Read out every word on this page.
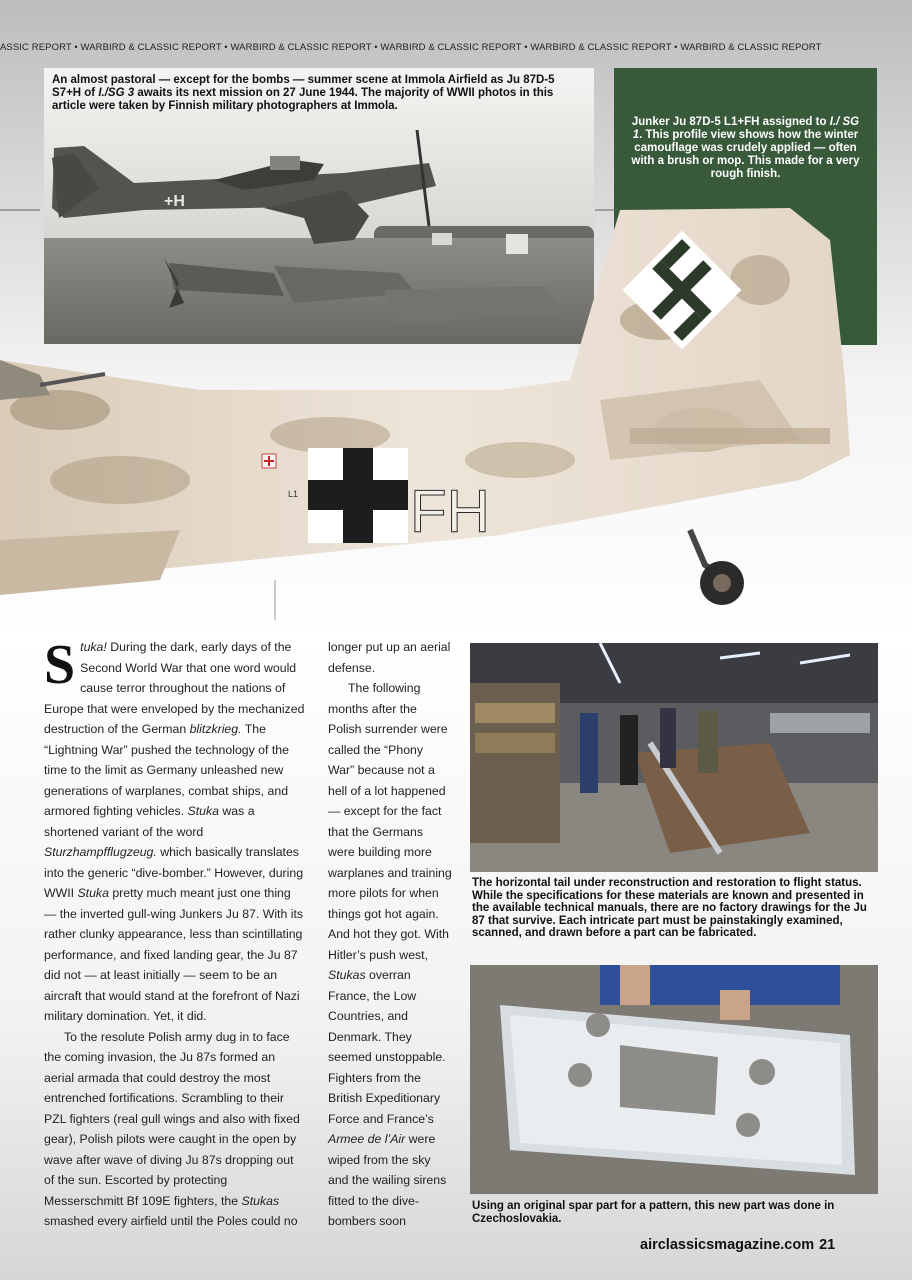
ASSIC REPORT • WARBIRD & CLASSIC REPORT • WARBIRD & CLASSIC REPORT • WARBIRD & CLASSIC REPORT • WARBIRD & CLASSIC REPORT • WARBIRD & CLASSIC REPORT
+H
An almost pastoral — except for the bombs — summer scene at Immola Airfield as Ju 87D-5 S7+H of I./SG 3 awaits its next mission on 27 June 1944. The majority of WWII photos in this article were taken by Finnish military photographers at Immola.
Junker Ju 87D-5 L1+FH assigned to I./ SG 1. This profile view shows how the winter camouflage was crudely applied — often with a brush or mop. This made for a very rough finish.
FH
L1

Stuka! During the dark, early days of the Second World War that one word would cause terror throughout the nations of Europe that were enveloped by the mechanized destruction of the German blitzkrieg. The “Lightning War” pushed the technology of the time to the limit as Germany unleashed new generations of warplanes, combat ships, and armored fighting vehicles. Stuka was a shortened variant of the word Sturzhampfflugzeug. which basically translates into the generic “dive-bomber.” However, during WWII Stuka pretty much meant just one thing — the inverted gull-wing Junkers Ju 87. With its rather clunky appearance, less than scintillating performance, and fixed landing gear, the Ju 87 did not — at least initially — seem to be an aircraft that would stand at the forefront of Nazi military domination. Yet, it did.

To the resolute Polish army dug in to face the coming invasion, the Ju 87s formed an aerial armada that could destroy the most entrenched fortifications. Scrambling to their PZL fighters (real gull wings and also with fixed gear), Polish pilots were caught in the open by wave after wave of diving Ju 87s dropping out of the sun. Escorted by protecting Messerschmitt Bf 109E fighters, the Stukas smashed every airfield until the Poles could no

longer put up an aerial defense.

The following months after the Polish surrender were called the “Phony War” because not a hell of a lot happened — except for the fact that the Germans were building more warplanes and training more pilots for when things got hot again. And hot they got. With Hitler’s push west, Stukas overran France, the Low Countries, and Denmark. They seemed unstoppable. Fighters from the British Expeditionary Force and France’s Armee de l’Air were wiped from the sky and the wailing sirens fitted to the dive-bombers soon

The horizontal tail under reconstruction and restoration to flight status. While the specifications for these materials are known and presented in the available technical manuals, there are no factory drawings for the Ju 87 that survive. Each intricate part must be painstakingly examined, scanned, and drawn before a part can be fabricated.
Using an original spar part for a pattern, this new part was done in Czechoslovakia.
airclassicsmagazine.com 21
